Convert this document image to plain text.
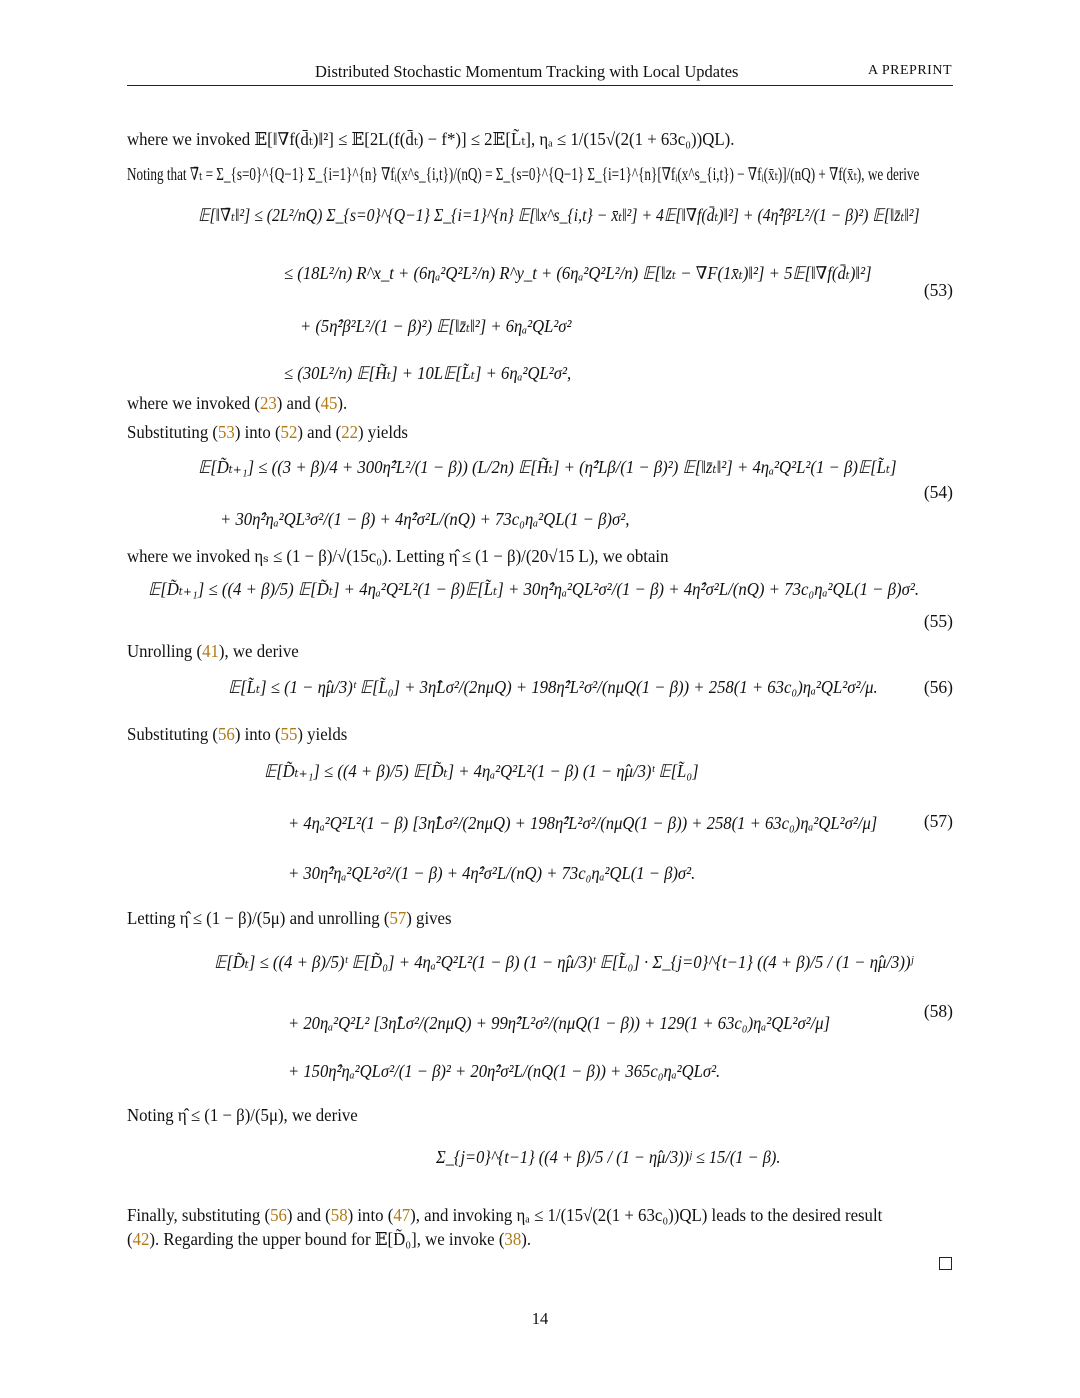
Distributed Stochastic Momentum Tracking with Local Updates	A PREPRINT
where we invoked 𝔼[‖∇f(d̄ₜ)‖²] ≤ 𝔼[2L(f(d̄ₜ) − f*)] ≤ 2𝔼[L̃ₜ], ηₐ ≤ 1/(15√(2(1 + 63c₀))QL).
Noting that ∇̄ₜ = Σ_{s=0}^{Q−1} Σ_{i=1}^{n} ∇fᵢ(x^s_{i,t})/(nQ) = Σ_{s=0}^{Q−1} Σ_{i=1}^{n}[∇fᵢ(x^s_{i,t}) − ∇fᵢ(x̄ₜ)]/(nQ) + ∇f(x̄ₜ), we derive
𝔼[‖∇̄ₜ‖²] ≤ (2L²/nQ) Σ_{s=0}^{Q−1} Σ_{i=1}^{n} 𝔼[‖x^s_{i,t} − x̄ₜ‖²] + 4𝔼[‖∇f(d̄ₜ)‖²] + (4η̂²β²L²/(1 − β)²) 𝔼[‖z̄ₜ‖²]
≤ (18L²/n) R^x_t + (6ηₐ²Q²L²/n) R^y_t + (6ηₐ²Q²L²/n) 𝔼[‖zₜ − ∇F(1x̄ₜ)‖²] + 5𝔼[‖∇f(d̄ₜ)‖²]
+ (5η̂²β²L²/(1 − β)²) 𝔼[‖z̄ₜ‖²] + 6ηₐ²QL²σ²
≤ (30L²/n) 𝔼[H̃ₜ] + 10L𝔼[L̃ₜ] + 6ηₐ²QL²σ²,
(53)
where we invoked (23) and (45).
Substituting (53) into (52) and (22) yields
𝔼[D̃ₜ₊₁] ≤ ((3 + β)/4 + 300η̂²L²/(1 − β)) (L/2n) 𝔼[H̃ₜ] + (η̂²Lβ/(1 − β)²) 𝔼[‖z̄ₜ‖²] + 4ηₐ²Q²L²(1 − β)𝔼[L̃ₜ]
+ 30η̂²ηₐ²QL³σ²/(1 − β) + 4η̂²σ²L/(nQ) + 73c₀ηₐ²QL(1 − β)σ²,
(54)
where we invoked ηₛ ≤ (1 − β)/√(15c₀). Letting η̂ ≤ (1 − β)/(20√15 L), we obtain
𝔼[D̃ₜ₊₁] ≤ ((4 + β)/5) 𝔼[D̃ₜ] + 4ηₐ²Q²L²(1 − β)𝔼[L̃ₜ] + 30η̂²ηₐ²QL²σ²/(1 − β) + 4η̂²σ²L/(nQ) + 73c₀ηₐ²QL(1 − β)σ².
(55)
Unrolling (41), we derive
𝔼[L̃ₜ] ≤ (1 − η̂μ/3)ᵗ 𝔼[L̃₀] + 3η̂Lσ²/(2nμQ) + 198η̂²L²σ²/(nμQ(1 − β)) + 258(1 + 63c₀)ηₐ²QL²σ²/μ.	(56)
Substituting (56) into (55) yields
𝔼[D̃ₜ₊₁] ≤ ((4 + β)/5) 𝔼[D̃ₜ] + 4ηₐ²Q²L²(1 − β) (1 − η̂μ/3)ᵗ 𝔼[L̃₀]
+ 4ηₐ²Q²L²(1 − β) [3η̂Lσ²/(2nμQ) + 198η̂²L²σ²/(nμQ(1 − β)) + 258(1 + 63c₀)ηₐ²QL²σ²/μ]
+ 30η̂²ηₐ²QL²σ²/(1 − β) + 4η̂²σ²L/(nQ) + 73c₀ηₐ²QL(1 − β)σ².
(57)
Letting η̂ ≤ (1 − β)/(5μ) and unrolling (57) gives
𝔼[D̃ₜ] ≤ ((4 + β)/5)ᵗ 𝔼[D̃₀] + 4ηₐ²Q²L²(1 − β) (1 − η̂μ/3)ᵗ 𝔼[L̃₀] · Σ_{j=0}^{t−1} ((4 + β)/5 / (1 − η̂μ/3))ʲ
+ 20ηₐ²Q²L² [3η̂Lσ²/(2nμQ) + 99η̂²L²σ²/(nμQ(1 − β)) + 129(1 + 63c₀)ηₐ²QL²σ²/μ]
+ 150η̂²ηₐ²QLσ²/(1 − β)² + 20η̂²σ²L/(nQ(1 − β)) + 365c₀ηₐ²QLσ².
(58)
Noting η̂ ≤ (1 − β)/(5μ), we derive
Σ_{j=0}^{t−1} ((4 + β)/5 / (1 − η̂μ/3))ʲ ≤ 15/(1 − β).
Finally, substituting (56) and (58) into (47), and invoking ηₐ ≤ 1/(15√(2(1 + 63c₀))QL) leads to the desired result
(42). Regarding the upper bound for 𝔼[D̃₀], we invoke (38).
14
